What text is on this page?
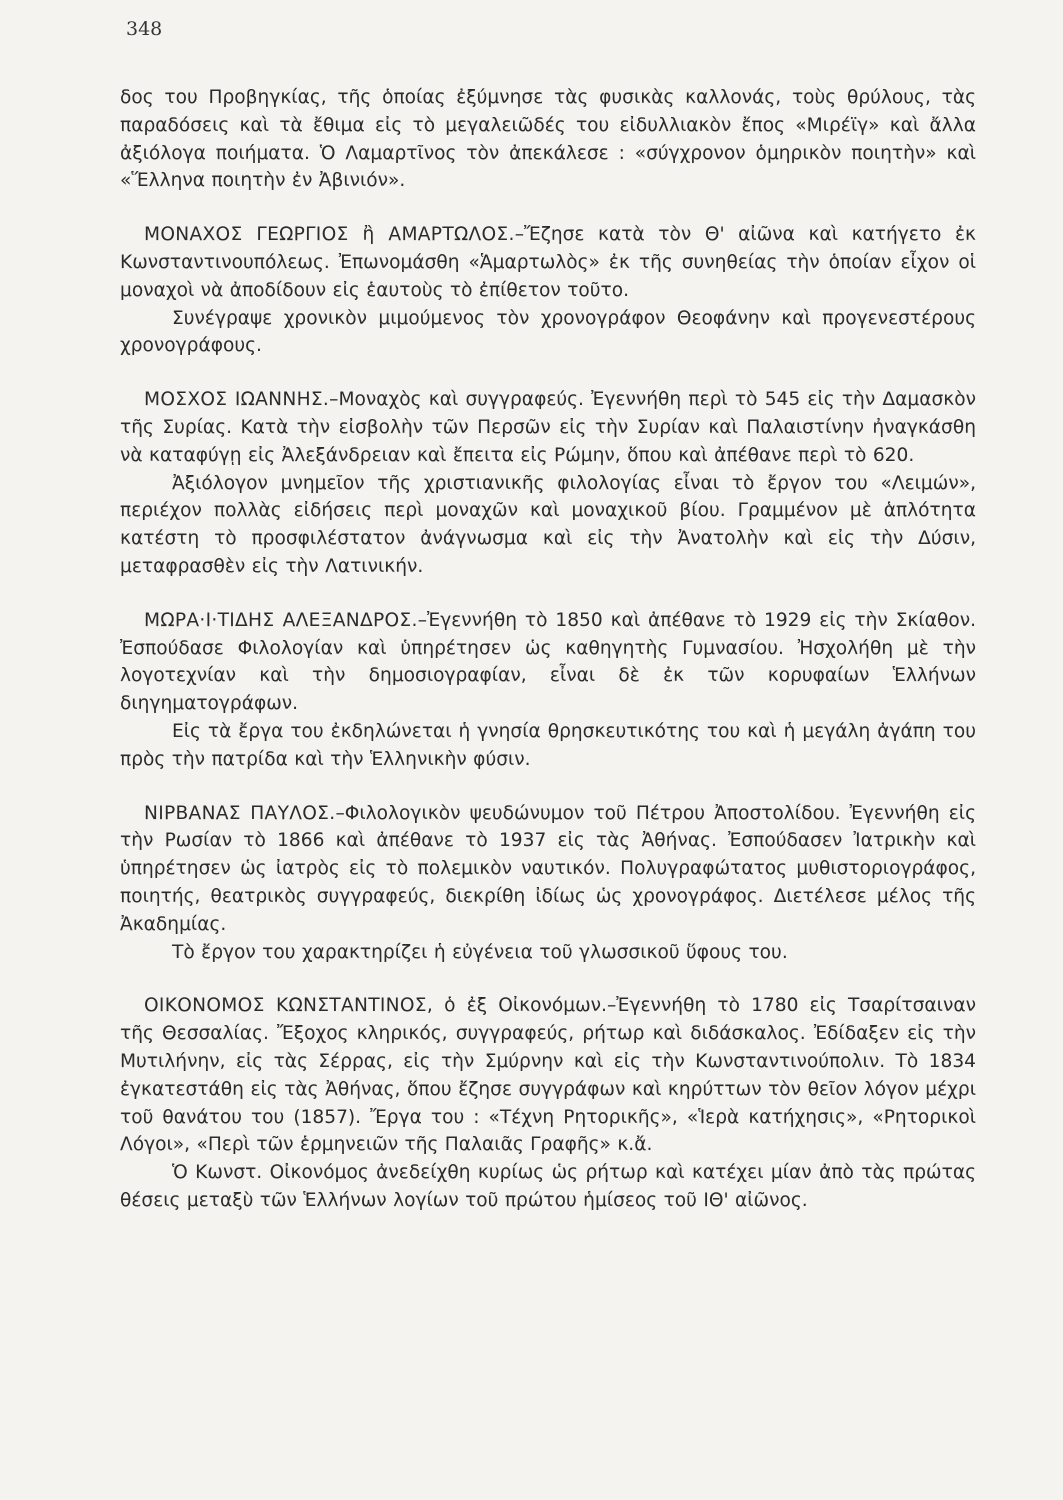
348

δος του Προβηγκίας, τῆς ὁποίας ἐξύμνησε τὰς φυσικὰς καλλονάς, τοὺς θρύλους, τὰς παραδόσεις καὶ τὰ ἔθιμα εἰς τὸ μεγαλειῶδές του εἰδυλλιακὸν ἔπος «Μιρέϊγ» καὶ ἄλλα ἀξιόλογα ποιήματα. Ὁ Λαμαρτῖνος τὸν ἀπεκάλεσε : «σύγχρονον ὁμηρικὸν ποιητὴν» καὶ «Ἕλληνα ποιητὴν ἐν Ἀβινιόν».

ΜΟΝΑΧΟΣ ΓΕΩΡΓΙΟΣ ἢ ΑΜΑΡΤΩΛΟΣ.–Ἔζησε κατὰ τὸν Θ' αἰῶνα καὶ κατήγετο ἐκ Κωνσταντινουπόλεως. Ἐπωνομάσθη «Ἁμαρτωλὸς» ἐκ τῆς συνηθείας τὴν ὁποίαν εἶχον οἱ μοναχοὶ νὰ ἀποδίδουν εἰς ἑαυτοὺς τὸ ἐπίθετον τοῦτο.

Συνέγραψε χρονικὸν μιμούμενος τὸν χρονογράφον Θεοφάνην καὶ προγενεστέρους χρονογράφους.

ΜΟΣΧΟΣ ΙΩΑΝΝΗΣ.–Μοναχὸς καὶ συγγραφεύς. Ἐγεννήθη περὶ τὸ 545 εἰς τὴν Δαμασκὸν τῆς Συρίας. Κατὰ τὴν εἰσβολὴν τῶν Περσῶν εἰς τὴν Συρίαν καὶ Παλαιστίνην ἠναγκάσθη νὰ καταφύγῃ εἰς Ἀλεξάνδρειαν καὶ ἔπειτα εἰς Ρώμην, ὅπου καὶ ἀπέθανε περὶ τὸ 620.

Ἀξιόλογον μνημεῖον τῆς χριστιανικῆς φιλολογίας εἶναι τὸ ἔργον του «Λειμών», περιέχον πολλὰς εἰδήσεις περὶ μοναχῶν καὶ μοναχικοῦ βίου. Γραμμένον μὲ ἁπλότητα κατέστη τὸ προσφιλέστατον ἀνάγνωσμα καὶ εἰς τὴν Ἀνατολὴν καὶ εἰς τὴν Δύσιν, μεταφρασθὲν εἰς τὴν Λατινικήν.

ΜΩΡΑ·Ι·ΤΙΔΗΣ ΑΛΕΞΑΝΔΡΟΣ.–Ἐγεννήθη τὸ 1850 καὶ ἀπέθανε τὸ 1929 εἰς τὴν Σκίαθον. Ἐσπούδασε Φιλολογίαν καὶ ὑπηρέτησεν ὡς καθηγητὴς Γυμνασίου. Ἠσχολήθη μὲ τὴν λογοτεχνίαν καὶ τὴν δημοσιογραφίαν, εἶναι δὲ ἐκ τῶν κορυφαίων Ἑλλήνων διηγηματογράφων.

Εἰς τὰ ἔργα του ἐκδηλώνεται ἡ γνησία θρησκευτικότης του καὶ ἡ μεγάλη ἀγάπη του πρὸς τὴν πατρίδα καὶ τὴν Ἑλληνικὴν φύσιν.

ΝΙΡΒΑΝΑΣ ΠΑΥΛΟΣ.–Φιλολογικὸν ψευδώνυμον τοῦ Πέτρου Ἀποστολίδου. Ἐγεννήθη εἰς τὴν Ρωσίαν τὸ 1866 καὶ ἀπέθανε τὸ 1937 εἰς τὰς Ἀθήνας. Ἐσπούδασεν Ἰατρικὴν καὶ ὑπηρέτησεν ὡς ἰατρὸς εἰς τὸ πολεμικὸν ναυτικόν. Πολυγραφώτατος μυθιστοριογράφος, ποιητής, θεατρικὸς συγγραφεύς, διεκρίθη ἰδίως ὡς χρονογράφος. Διετέλεσε μέλος τῆς Ἀκαδημίας.

Τὸ ἔργον του χαρακτηρίζει ἡ εὐγένεια τοῦ γλωσσικοῦ ὕφους του.

ΟΙΚΟΝΟΜΟΣ ΚΩΝΣΤΑΝΤΙΝΟΣ, ὁ ἐξ Οἰκονόμων.–Ἐγεννήθη τὸ 1780 εἰς Τσαρίτσαιναν τῆς Θεσσαλίας. Ἔξοχος κληρικός, συγγραφεύς, ρήτωρ καὶ διδάσκαλος. Ἐδίδαξεν εἰς τὴν Μυτιλήνην, εἰς τὰς Σέρρας, εἰς τὴν Σμύρνην καὶ εἰς τὴν Κωνσταντινούπολιν. Τὸ 1834 ἐγκατεστάθη εἰς τὰς Ἀθήνας, ὅπου ἔζησε συγγράφων καὶ κηρύττων τὸν θεῖον λόγον μέχρι τοῦ θανάτου του (1857). Ἔργα του : «Τέχνη Ρητορικῆς», «Ἱερὰ κατήχησις», «Ρητορικοὶ Λόγοι», «Περὶ τῶν ἑρμηνειῶν τῆς Παλαιᾶς Γραφῆς» κ.ἄ.

Ὁ Κωνστ. Οἰκονόμος ἀνεδείχθη κυρίως ὡς ρήτωρ καὶ κατέχει μίαν ἀπὸ τὰς πρώτας θέσεις μεταξὺ τῶν Ἑλλήνων λογίων τοῦ πρώτου ἡμίσεος τοῦ ΙΘ' αἰῶνος.
